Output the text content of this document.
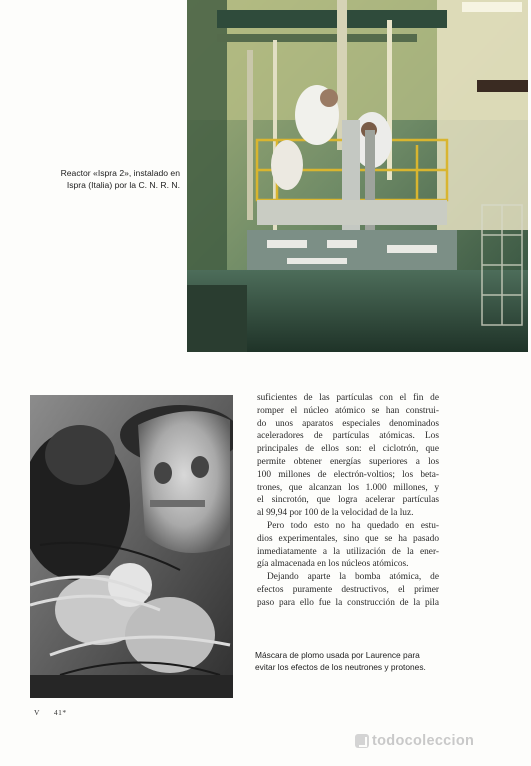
Reactor «Ispra 2», instalado en
Ispra (Italia) por la C. N. R. N.
suficientes de las partículas con el fin de
romper el núcleo atómico se han construi-
do unos aparatos especiales denominados
aceleradores de partículas atómicas. Los
principales de ellos son: el ciclotrón, que
permite obtener energías superiores a los
100 millones de electrón-voltios; los beta-
trones, que alcanzan los 1.000 millones, y
el sincrotón, que logra acelerar partículas
al 99,94 por 100 de la velocidad de la luz.
Pero todo esto no ha quedado en estu-
dios experimentales, sino que se ha pasado
inmediatamente a la utilización de la ener-
gía almacenada en los núcleos atómicos.
Dejando aparte la bomba atómica, de
efectos puramente destructivos, el primer
paso para ello fue la construcción de la pila
Máscara de plomo usada por Laurence para
evitar los efectos de los neutrones y protones.
V 41*
todocoleccion
